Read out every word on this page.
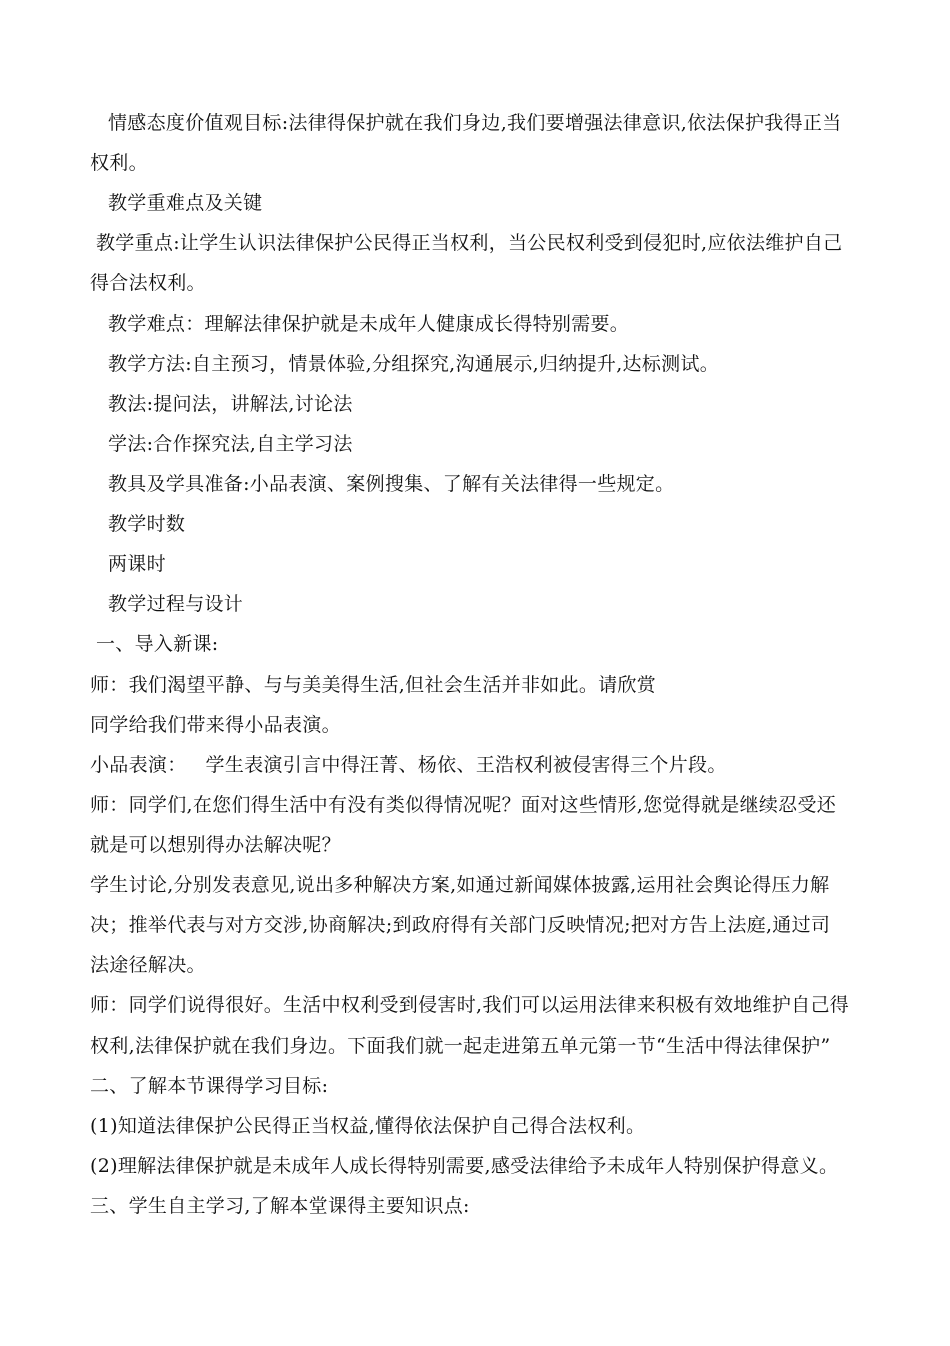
情感态度价值观目标:法律得保护就在我们身边,我们要增强法律意识,依法保护我得正当
权利。
教学重难点及关键
教学重点:让学生认识法律保护公民得正当权利，当公民权利受到侵犯时,应依法维护自己
得合法权利。
教学难点：理解法律保护就是未成年人健康成长得特别需要。
教学方法:自主预习，情景体验,分组探究,沟通展示,归纳提升,达标测试。
教法:提问法，讲解法,讨论法
学法:合作探究法,自主学习法
教具及学具准备:小品表演、案例搜集、了解有关法律得一些规定。
教学时数
两课时
教学过程与设计
一、导入新课:
师：我们渴望平静、与与美美得生活,但社会生活并非如此。请欣赏
同学给我们带来得小品表演。
小品表演：   学生表演引言中得汪菁、杨依、王浩权利被侵害得三个片段。
师：同学们,在您们得生活中有没有类似得情况呢？面对这些情形,您觉得就是继续忍受还
就是可以想别得办法解决呢？
学生讨论,分别发表意见,说出多种解决方案,如通过新闻媒体披露,运用社会舆论得压力解
决；推举代表与对方交涉,协商解决;到政府得有关部门反映情况;把对方告上法庭,通过司
法途径解决。
师：同学们说得很好。生活中权利受到侵害时,我们可以运用法律来积极有效地维护自己得
权利,法律保护就在我们身边。下面我们就一起走进第五单元第一节“生活中得法律保护”
二、了解本节课得学习目标:
(1)知道法律保护公民得正当权益,懂得依法保护自己得合法权利。
(2)理解法律保护就是未成年人成长得特别需要,感受法律给予未成年人特别保护得意义。
三、学生自主学习,了解本堂课得主要知识点:
